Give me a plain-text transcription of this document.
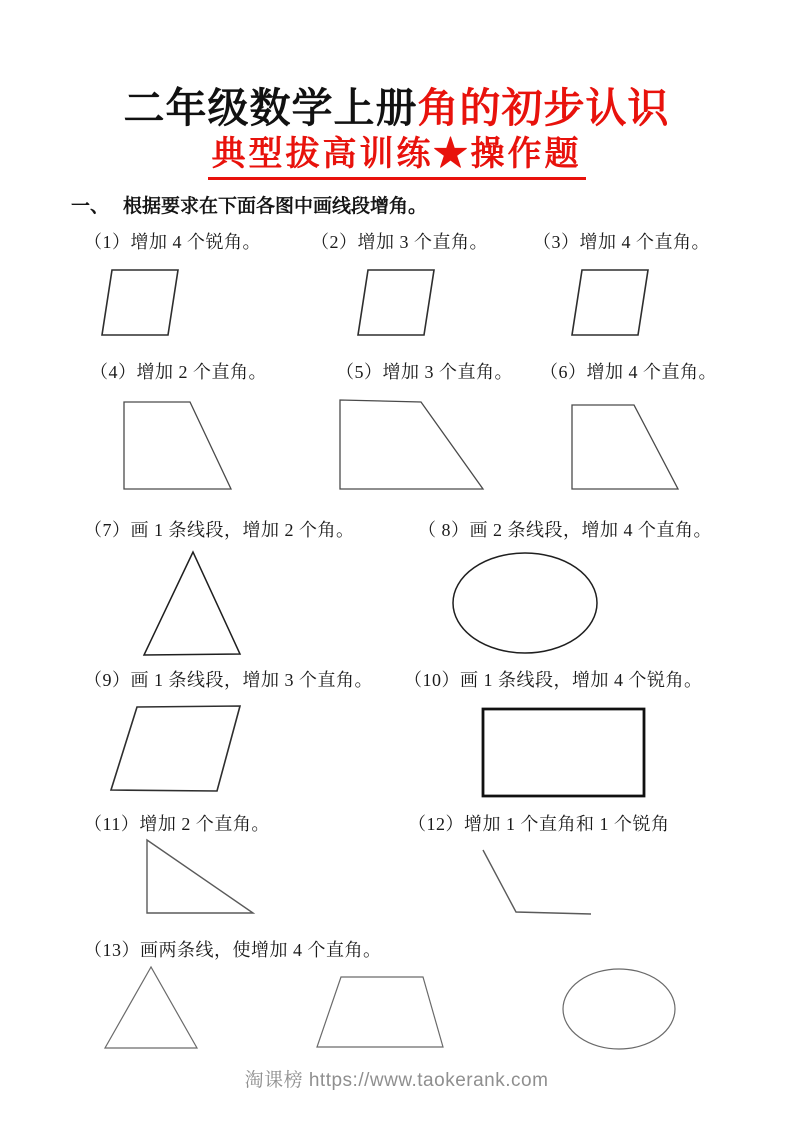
二年级数学上册角的初步认识
典型拔高训练★操作题
一、 根据要求在下面各图中画线段增角。
（1）增加 4 个锐角。	（2）增加 3 个直角。	（3）增加 4 个直角。
（4）增加 2 个直角。	（5）增加 3 个直角。 （6）增加 4 个直角。
（7）画 1 条线段，增加 2 个角。	（ 8）画 2 条线段，增加 4 个直角。
（9）画 1 条线段，增加 3 个直角。 （10）画 1 条线段，增加 4 个锐角。
（11）增加 2 个直角。	（12）增加 1 个直角和 1 个锐角
（13）画两条线，使增加 4 个直角。
淘课榜 https://www.taokerank.com
